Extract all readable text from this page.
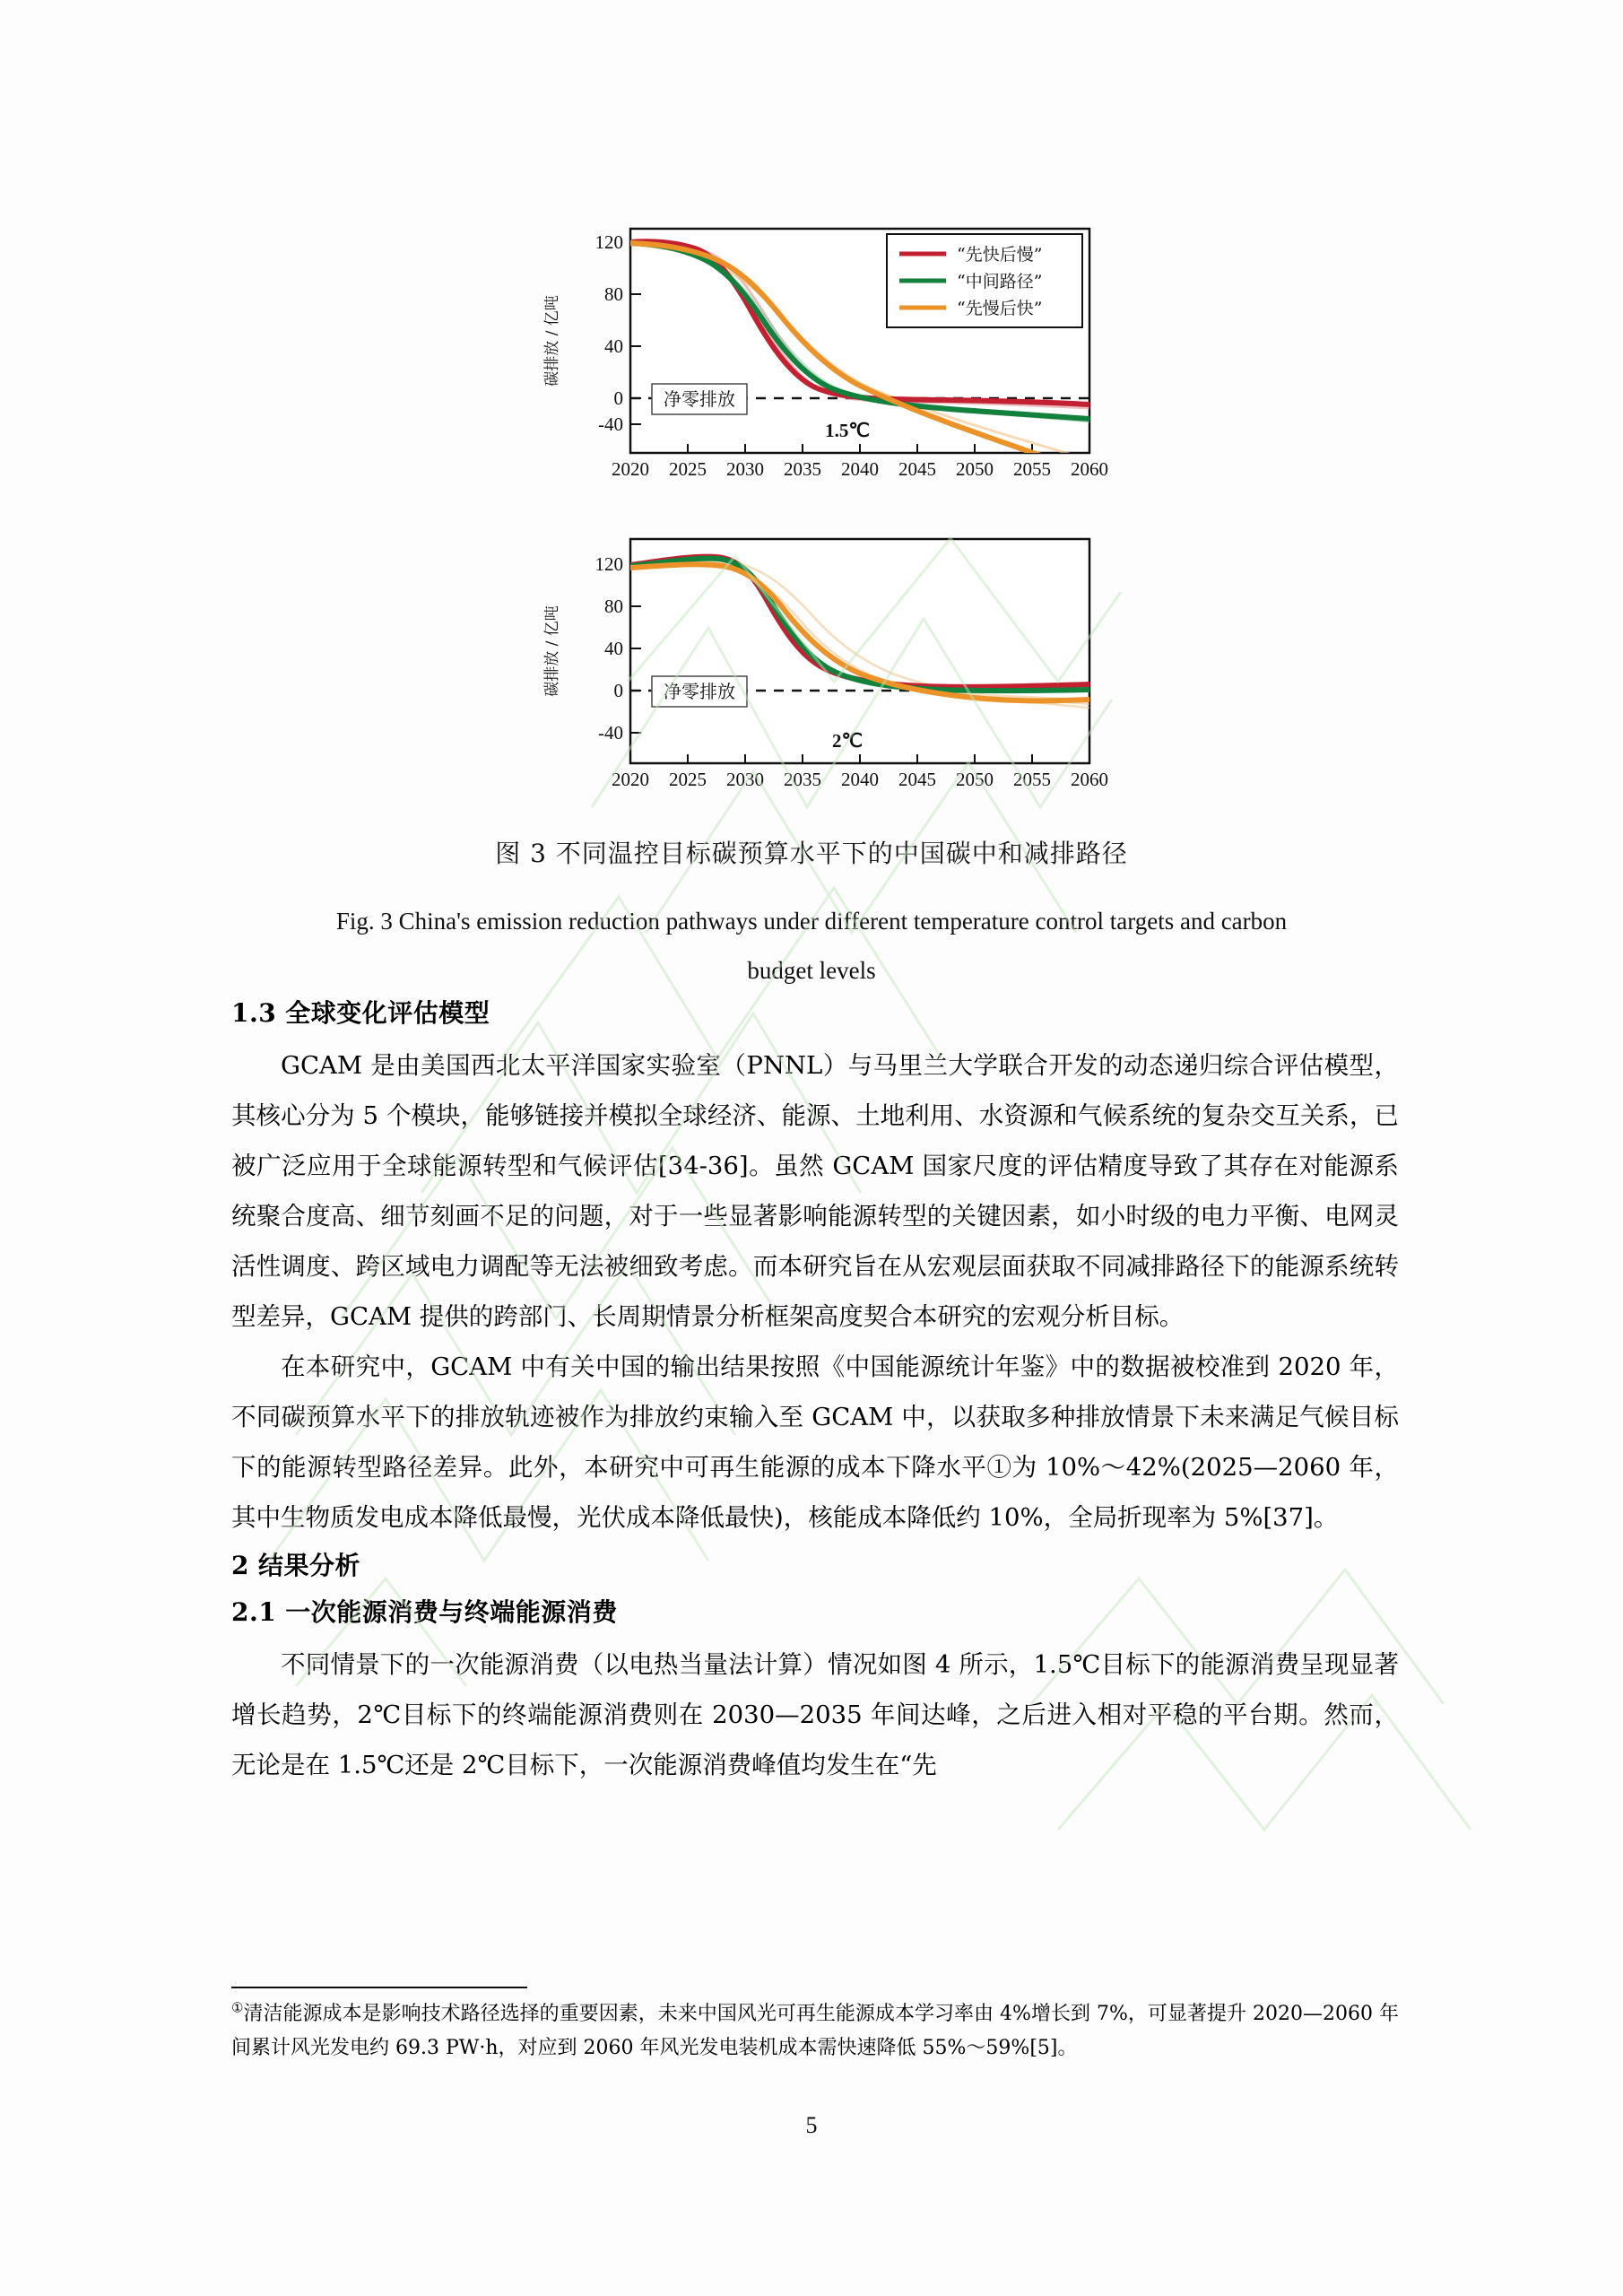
碳排放 / 亿吨
120
80
40
0
-40
2020 2025 2030 2035 2040 2045 2050 2055 2060
净零排放
1.5℃
“先快后慢”
“中间路径”
“先慢后快”
碳排放 / 亿吨
120
80
40
0
-40
2020 2025 2030 2035 2040 2045 2050 2055 2060
净零排放
2℃
图 3 不同温控目标碳预算水平下的中国碳中和减排路径
Fig. 3 China's emission reduction pathways under different temperature control targets and carbon
budget levels
1.3 全球变化评估模型

GCAM 是由美国西北太平洋国家实验室（PNNL）与马里兰大学联合开发的动态递归综合评估模型，其核心分为 5 个模块，能够链接并模拟全球经济、能源、土地利用、水资源和气候系统的复杂交互关系，已被广泛应用于全球能源转型和气候评估[34-36]。虽然 GCAM 国家尺度的评估精度导致了其存在对能源系统聚合度高、细节刻画不足的问题，对于一些显著影响能源转型的关键因素，如小时级的电力平衡、电网灵活性调度、跨区域电力调配等无法被细致考虑。而本研究旨在从宏观层面获取不同减排路径下的能源系统转型差异，GCAM 提供的跨部门、长周期情景分析框架高度契合本研究的宏观分析目标。

在本研究中，GCAM 中有关中国的输出结果按照《中国能源统计年鉴》中的数据被校准到 2020 年，不同碳预算水平下的排放轨迹被作为排放约束输入至 GCAM 中，以获取多种排放情景下未来满足气候目标下的能源转型路径差异。此外，本研究中可再生能源的成本下降水平①为 10%～42%(2025—2060 年，其中生物质发电成本降低最慢，光伏成本降低最快)，核能成本降低约 10%，全局折现率为 5%[37]。

2 结果分析
2.1 一次能源消费与终端能源消费

不同情景下的一次能源消费（以电热当量法计算）情况如图 4 所示，1.5℃目标下的能源消费呈现显著增长趋势，2℃目标下的终端能源消费则在 2030—2035 年间达峰，之后进入相对平稳的平台期。然而，无论是在 1.5℃还是 2℃目标下，一次能源消费峰值均发生在“先

①清洁能源成本是影响技术路径选择的重要因素，未来中国风光可再生能源成本学习率由 4%增长到 7%，可显著提升 2020—2060 年间累计风光发电约 69.3 PW·h，对应到 2060 年风光发电装机成本需快速降低 55%～59%[5]。
5
